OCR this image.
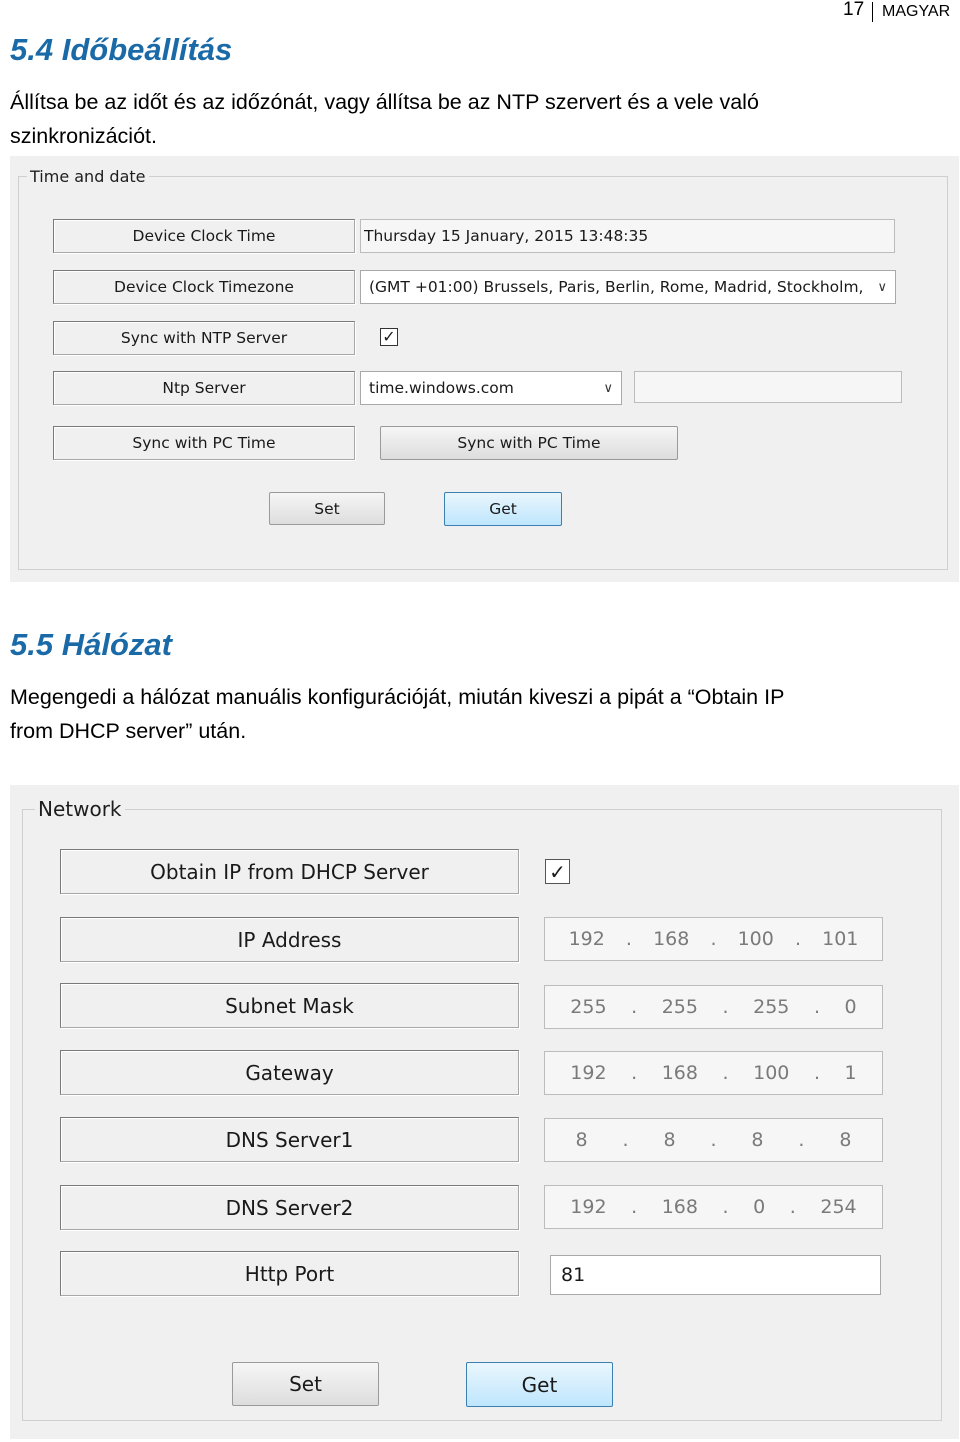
17 MAGYAR
5.4 Időbeállítás
Állítsa be az időt és az időzónát, vagy állítsa be az NTP szervert és a vele való
szinkronizációt.
Time and date
Device Clock Time	Thursday 15 January, 2015 13:48:35
Device Clock Timezone	(GMT +01:00) Brussels, Paris, Berlin, Rome, Madrid, Stockholm, ∨
Sync with NTP Server	✓
Ntp Server	time.windows.com	∨
Sync with PC Time	Sync with PC Time
Set	Get
5.5 Hálózat
Megengedi a hálózat manuális konfigurációját, miután kiveszi a pipát a “Obtain IP
from DHCP server” után.
Network
Obtain IP from DHCP Server	✓
IP Address	192 . 168 . 100 . 101
Subnet Mask	255 . 255 . 255 . 0
Gateway	192 . 168 . 100 . 1
DNS Server1	8 . 8 . 8 . 8
DNS Server2	192 . 168 . 0 . 254
Http Port	81
Set	Get
